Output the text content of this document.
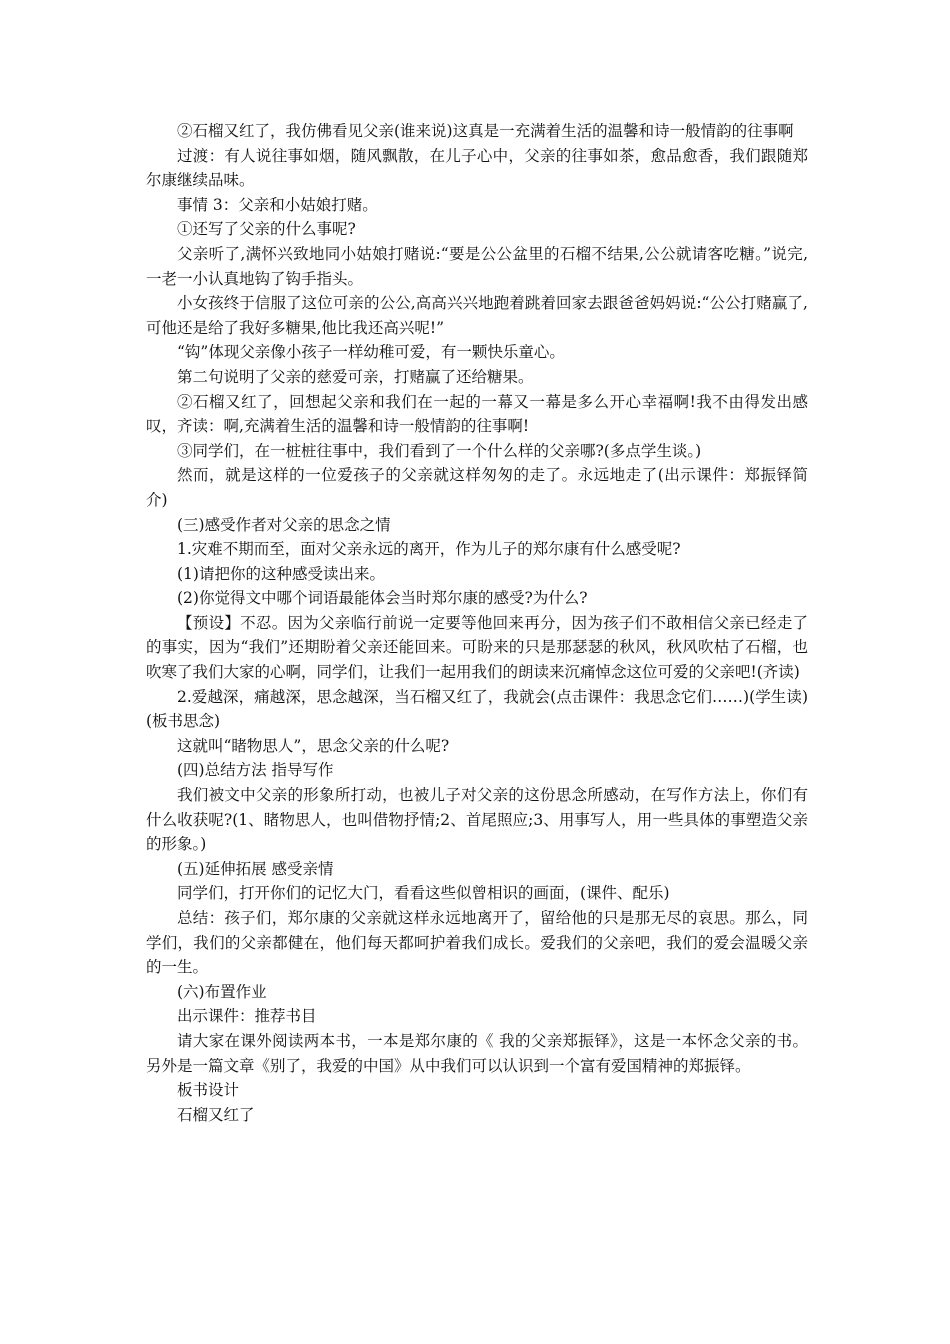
②石榴又红了，我仿佛看见父亲(谁来说)这真是一充满着生活的温馨和诗一般情韵的往事啊

过渡：有人说往事如烟，随风飘散，在儿子心中，父亲的往事如茶，愈品愈香，我们跟随郑尔康继续品味。

事情 3：父亲和小姑娘打赌。

①还写了父亲的什么事呢?

父亲听了,满怀兴致地同小姑娘打赌说:“要是公公盆里的石榴不结果,公公就请客吃糖。”说完,一老一小认真地钩了钩手指头。

小女孩终于信服了这位可亲的公公,高高兴兴地跑着跳着回家去跟爸爸妈妈说:“公公打赌赢了,可他还是给了我好多糖果,他比我还高兴呢!”

“钩”体现父亲像小孩子一样幼稚可爱，有一颗快乐童心。

第二句说明了父亲的慈爱可亲，打赌赢了还给糖果。

②石榴又红了，回想起父亲和我们在一起的一幕又一幕是多么开心幸福啊!我不由得发出感叹，齐读：啊,充满着生活的温馨和诗一般情韵的往事啊!

③同学们，在一桩桩往事中，我们看到了一个什么样的父亲哪?(多点学生谈。)

然而，就是这样的一位爱孩子的父亲就这样匆匆的走了。永远地走了(出示课件：郑振铎简介)

(三)感受作者对父亲的思念之情

1.灾难不期而至，面对父亲永远的离开，作为儿子的郑尔康有什么感受呢?

(1)请把你的这种感受读出来。

(2)你觉得文中哪个词语最能体会当时郑尔康的感受?为什么?

【预设】不忍。因为父亲临行前说一定要等他回来再分，因为孩子们不敢相信父亲已经走了的事实，因为“我们”还期盼着父亲还能回来。可盼来的只是那瑟瑟的秋风，秋风吹枯了石榴，也吹寒了我们大家的心啊，同学们，让我们一起用我们的朗读来沉痛悼念这位可爱的父亲吧!(齐读)

2.爱越深，痛越深，思念越深，当石榴又红了，我就会(点击课件：我思念它们……)(学生读)(板书思念)

这就叫“睹物思人”，思念父亲的什么呢?

(四)总结方法 指导写作

我们被文中父亲的形象所打动，也被儿子对父亲的这份思念所感动，在写作方法上，你们有什么收获呢?(1、睹物思人，也叫借物抒情;2、首尾照应;3、用事写人，用一些具体的事塑造父亲的形象。)

(五)延伸拓展 感受亲情

同学们，打开你们的记忆大门，看看这些似曾相识的画面，(课件、配乐)

总结：孩子们，郑尔康的父亲就这样永远地离开了，留给他的只是那无尽的哀思。那么，同学们，我们的父亲都健在，他们每天都呵护着我们成长。爱我们的父亲吧，我们的爱会温暖父亲的一生。

(六)布置作业

出示课件：推荐书目

请大家在课外阅读两本书，一本是郑尔康的《 我的父亲郑振铎》，这是一本怀念父亲的书。另外是一篇文章《别了，我爱的中国》从中我们可以认识到一个富有爱国精神的郑振铎。

板书设计

石榴又红了
